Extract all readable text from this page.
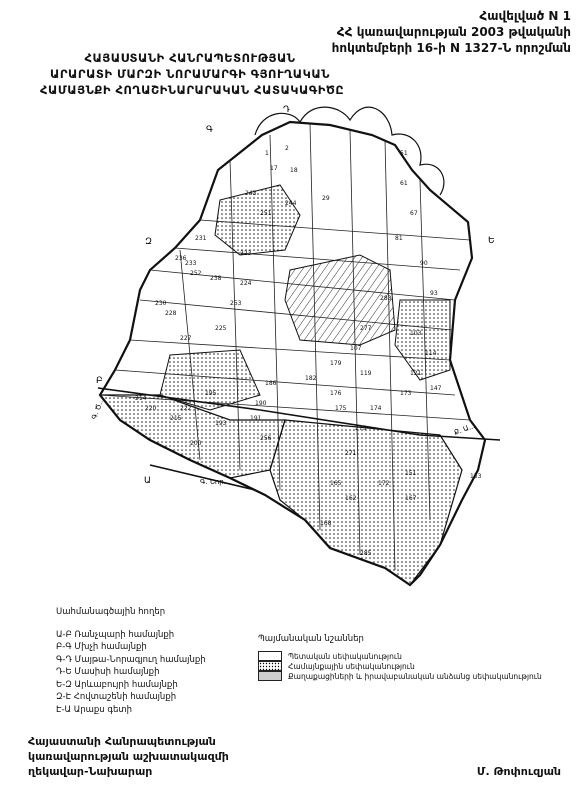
Հավելված N 1
ՀՀ կառավարության 2003 թվականի
հոկտեմբերի 16-ի N 1327-Ն որոշման
ՀԱՅԱՍՏԱՆԻ ՀԱՆՐԱՊԵՏՈՒԹՅԱՆ
ԱՐԱՐԱՏԻ ՄԱՐԶԻ ՆՈՐԱՄԱՐԳԻ ԳՅՈՒՂԱԿԱՆ
ՀԱՄԱՅՆՔԻ ՀՈՂԱՇԻՆԱՐԱՐԱԿԱՆ ՀԱՏԱԿԱԳԻԾԸ
1
2
17 18
29
51
61
67
81
90
93
103
107
114
119	121
147
153
151
162
165
167
168
172
173
174
175
176
179
182
186
190
191
193
195
200
214
215
220	222
223
224
225
227
228
230
231
233
236
238
243
244
251
252
253
256
271
275
277
283
285
Դ
Գ
Ե
Զ
Ա
Բ
Գ. Նոր...
Ք. Ա...
Գ. Ծ...
Սահմանագծային հողեր
Ա-Բ Ռանչպարի համայնքի
Բ-Գ Մխչի համայնքի
Գ-Դ Մայթա-Նորագյուղ համայնքի
Դ-Ե Մասիսի համայնքի
Ե-Զ Արևաբույրի համայնքի
Զ-Է Հովտաշենի համայնքի
Է-Ա Արաքս գետի
Պայմանական նշաններ
Պետական սեփականություն
Համայնքային սեփականություն
Քաղաքացիների և իրավաբանական անձանց սեփականություն
Հայաստանի Հանրապետության
կառավարության աշխատակազմի
ղեկավար-Նախարար	Մ. Թոփուզյան
